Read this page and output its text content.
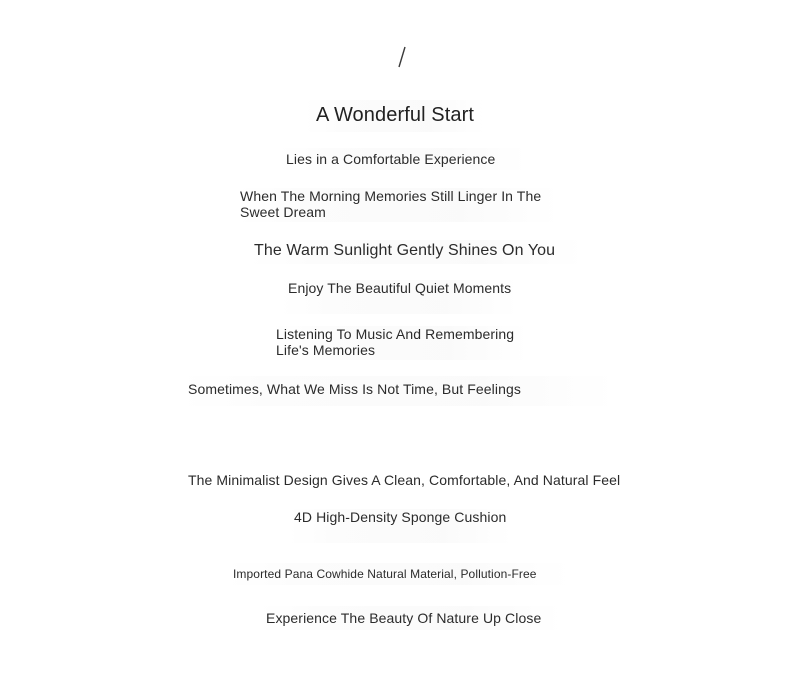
A Wonderful Start
Lies in a Comfortable Experience
When The Morning Memories Still Linger In The Sweet Dream
The Warm Sunlight Gently Shines On You
Enjoy The Beautiful Quiet Moments
Listening To Music And Remembering Life's Memories
Sometimes, What We Miss Is Not Time, But Feelings
The Minimalist Design Gives A Clean, Comfortable, And Natural Feel
4D High-Density Sponge Cushion
Imported Pana Cowhide Natural Material, Pollution-Free
Experience The Beauty Of Nature Up Close
